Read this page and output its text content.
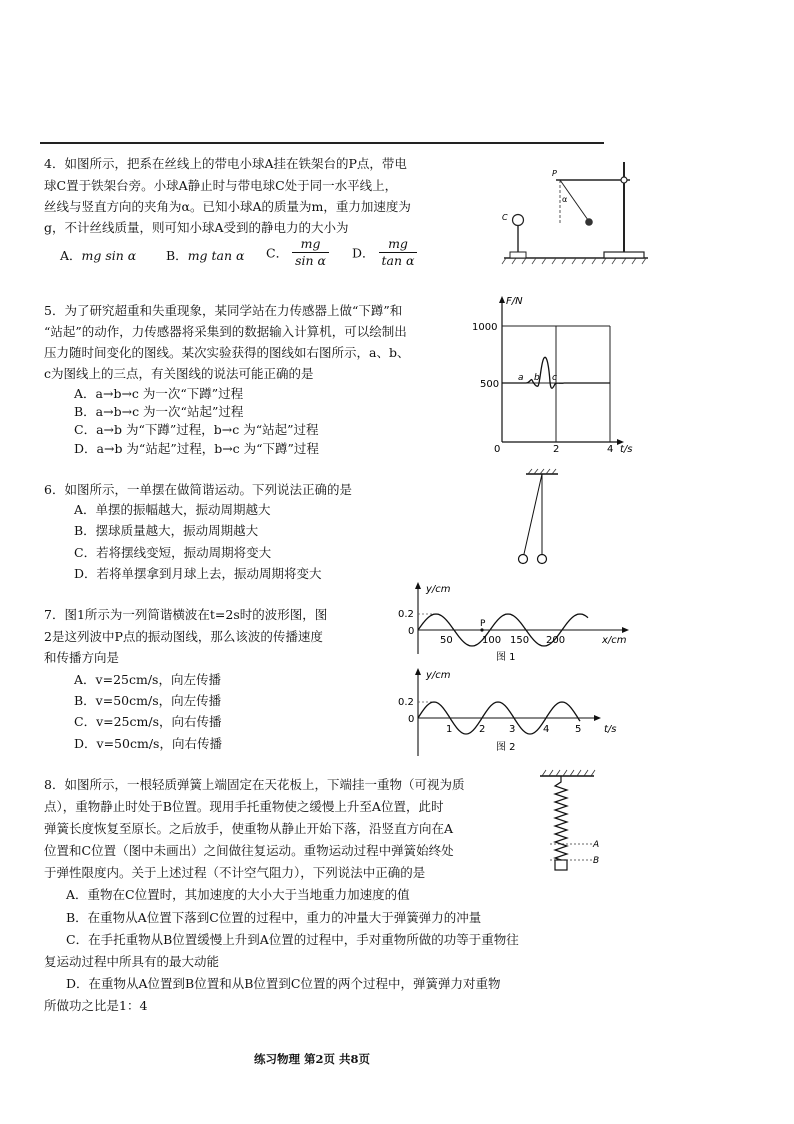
4．如图所示，把系在丝线上的带电小球A挂在铁架台的P点，带电
球C置于铁架台旁。小球A静止时与带电球C处于同一水平线上，
丝线与竖直方向的夹角为α。已知小球A的质量为m，重力加速度为
g，不计丝线质量，则可知小球A受到的静电力的大小为
A．mg sin α B．mg tan α C． $\frac{mg}{\text{sin α}}$ D． $\frac{mg}{\text{tan α}}$
P
α
C
5．为了研究超重和失重现象，某同学站在力传感器上做“下蹲”和
“站起”的动作，力传感器将采集到的数据输入计算机，可以绘制出
压力随时间变化的图线。某次实验获得的图线如右图所示，a、b、
c为图线上的三点，有关图线的说法可能正确的是
A．a→b→c 为一次“下蹲”过程
B．a→b→c 为一次“站起”过程
C．a→b 为“下蹲”过程，b→c 为“站起”过程
D．a→b 为“站起”过程，b→c 为“下蹲”过程
F/N
1000
500
0	2	4 t/s
a b c
6．如图所示，一单摆在做简谐运动。下列说法正确的是
A．单摆的振幅越大，振动周期越大
B．摆球质量越大，振动周期越大
C．若将摆线变短，振动周期将变大
D．若将单摆拿到月球上去，振动周期将变大
7．图1所示为一列简谐横波在t=2s时的波形图，图
2是这列波中P点的振动图线，那么该波的传播速度
和传播方向是
A．v=25cm/s，向左传播
B．v=50cm/s，向左传播
C．v=25cm/s，向右传播
D．v=50cm/s，向右传播
y/cm
0.2
0
50	100 150 200
P
x/cm
图 1
y/cm
0.2
0
1	2 3	4	5 t/s
图 2
8．如图所示，一根轻质弹簧上端固定在天花板上，下端挂一重物（可视为质
点），重物静止时处于B位置。现用手托重物使之缓慢上升至A位置，此时
弹簧长度恢复至原长。之后放手，使重物从静止开始下落，沿竖直方向在A
位置和C位置（图中未画出）之间做往复运动。重物运动过程中弹簧始终处
于弹性限度内。关于上述过程（不计空气阻力），下列说法中正确的是
A．重物在C位置时，其加速度的大小大于当地重力加速度的值
B．在重物从A位置下落到C位置的过程中，重力的冲量大于弹簧弹力的冲量
C．在手托重物从B位置缓慢上升到A位置的过程中，手对重物所做的功等于重物往
复运动过程中所具有的最大动能
D．在重物从A位置到B位置和从B位置到C位置的两个过程中，弹簧弹力对重物
所做功之比是1：4
A
B
练习物理 第2页 共8页
